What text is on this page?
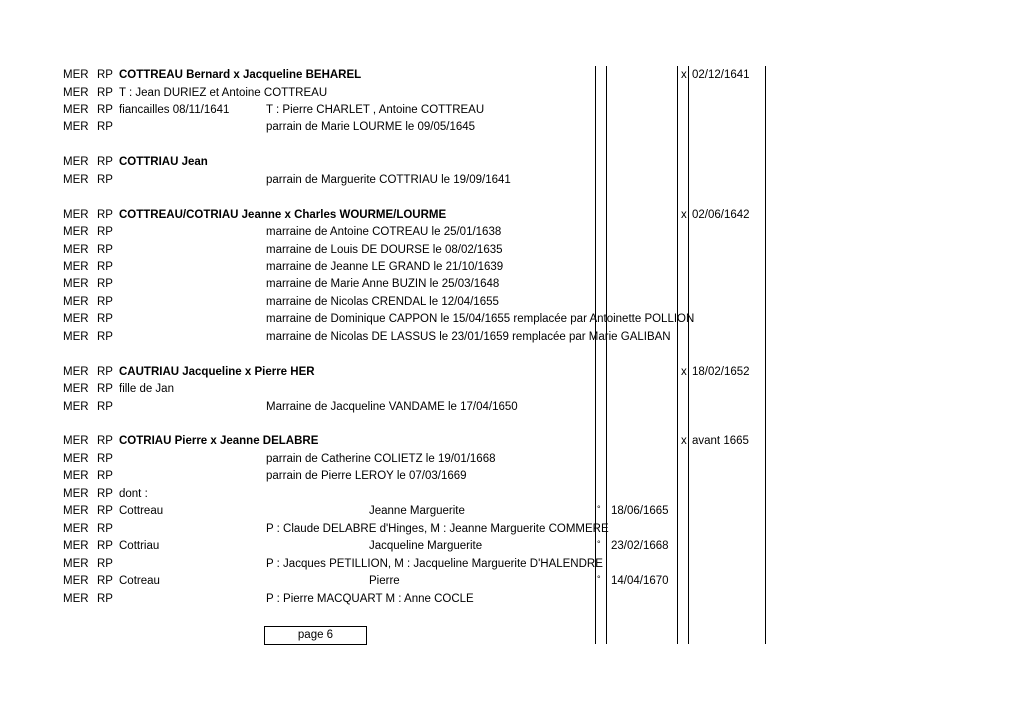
MER RP COTTREAU Bernard x Jacqueline BEHAREL	x 02/12/1641
MER RP T : Jean DURIEZ et Antoine COTTREAU
MER RP fiancailles 08/11/1641	T : Pierre CHARLET , Antoine COTTREAU
MER RP	parrain de Marie LOURME le 09/05/1645
MER RP COTTRIAU Jean
MER RP	parrain de Marguerite COTTRIAU le 19/09/1641
MER RP COTTREAU/COTRIAU Jeanne x Charles WOURME/LOURME	x 02/06/1642
MER RP	marraine de Antoine COTREAU le 25/01/1638
MER RP	marraine de Louis DE DOURSE le 08/02/1635
MER RP	marraine de Jeanne LE GRAND le 21/10/1639
MER RP	marraine de Marie Anne BUZIN le 25/03/1648
MER RP	marraine de Nicolas CRENDAL le 12/04/1655
MER RP	marraine de Dominique CAPPON le 15/04/1655 remplacée par Antoinette POLLION
MER RP	marraine de Nicolas DE LASSUS le 23/01/1659 remplacée par Marie GALIBAN
MER RP CAUTRIAU Jacqueline x Pierre HER	x 18/02/1652
MER RP fille de Jan
MER RP	Marraine de Jacqueline VANDAME le 17/04/1650
MER RP COTRIAU Pierre x Jeanne DELABRE	x avant 1665
MER RP	parrain de Catherine COLIETZ le 19/01/1668
MER RP	parrain de Pierre LEROY le 07/03/1669
MER RP dont :
MER RP Cottreau	Jeanne Marguerite	° 18/06/1665
MER RP	P : Claude DELABRE d'Hinges, M : Jeanne Marguerite COMMERE
MER RP Cottriau	Jacqueline Marguerite	° 23/02/1668
MER RP	P : Jacques PETILLION, M : Jacqueline Marguerite D'HALENDRE
MER RP Cotreau	Pierre	° 14/04/1670
MER RP	P : Pierre MACQUART M : Anne COCLE
page 6
